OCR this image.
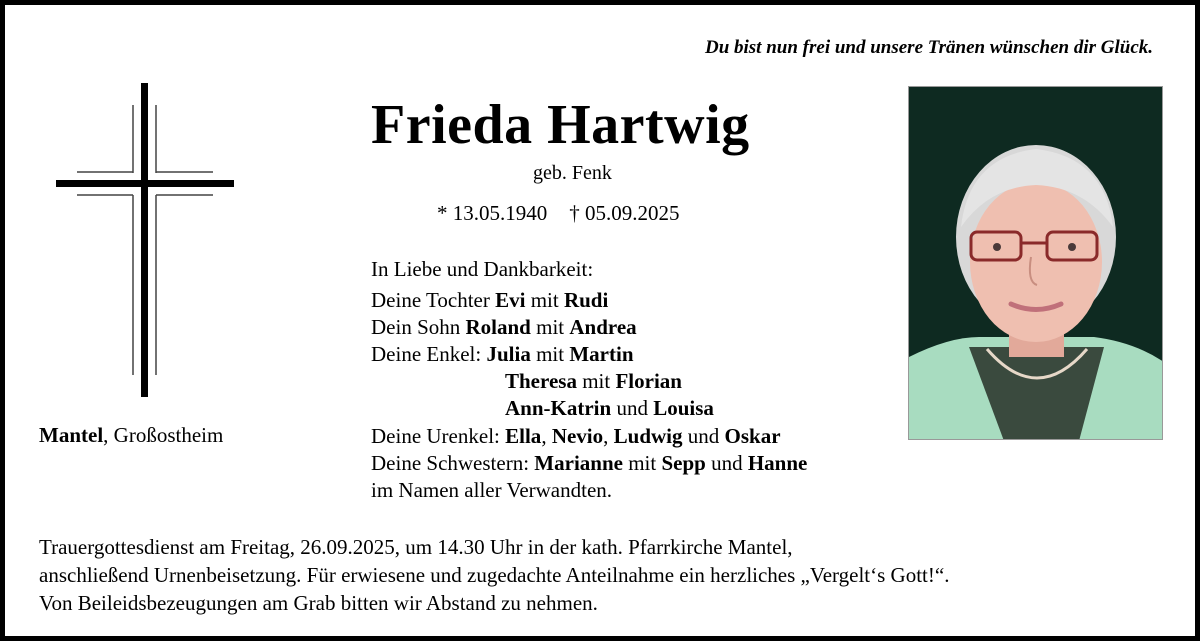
Du bist nun frei und unsere Tränen wünschen dir Glück.
Mantel, Großostheim
Frieda Hartwig
geb. Fenk
* 13.05.1940 † 05.09.2025
In Liebe und Dankbarkeit:
Deine Tochter Evi mit Rudi
Dein Sohn Roland mit Andrea
Deine Enkel: Julia mit Martin
Theresa mit Florian
Ann-Katrin und Louisa
Deine Urenkel: Ella, Nevio, Ludwig und Oskar
Deine Schwestern: Marianne mit Sepp und Hanne
im Namen aller Verwandten.
Trauergottesdienst am Freitag, 26.09.2025, um 14.30 Uhr in der kath. Pfarrkirche Mantel,
anschließend Urnenbeisetzung. Für erwiesene und zugedachte Anteilnahme ein herzliches „Vergelt‘s Gott!“.
Von Beileidsbezeugungen am Grab bitten wir Abstand zu nehmen.
